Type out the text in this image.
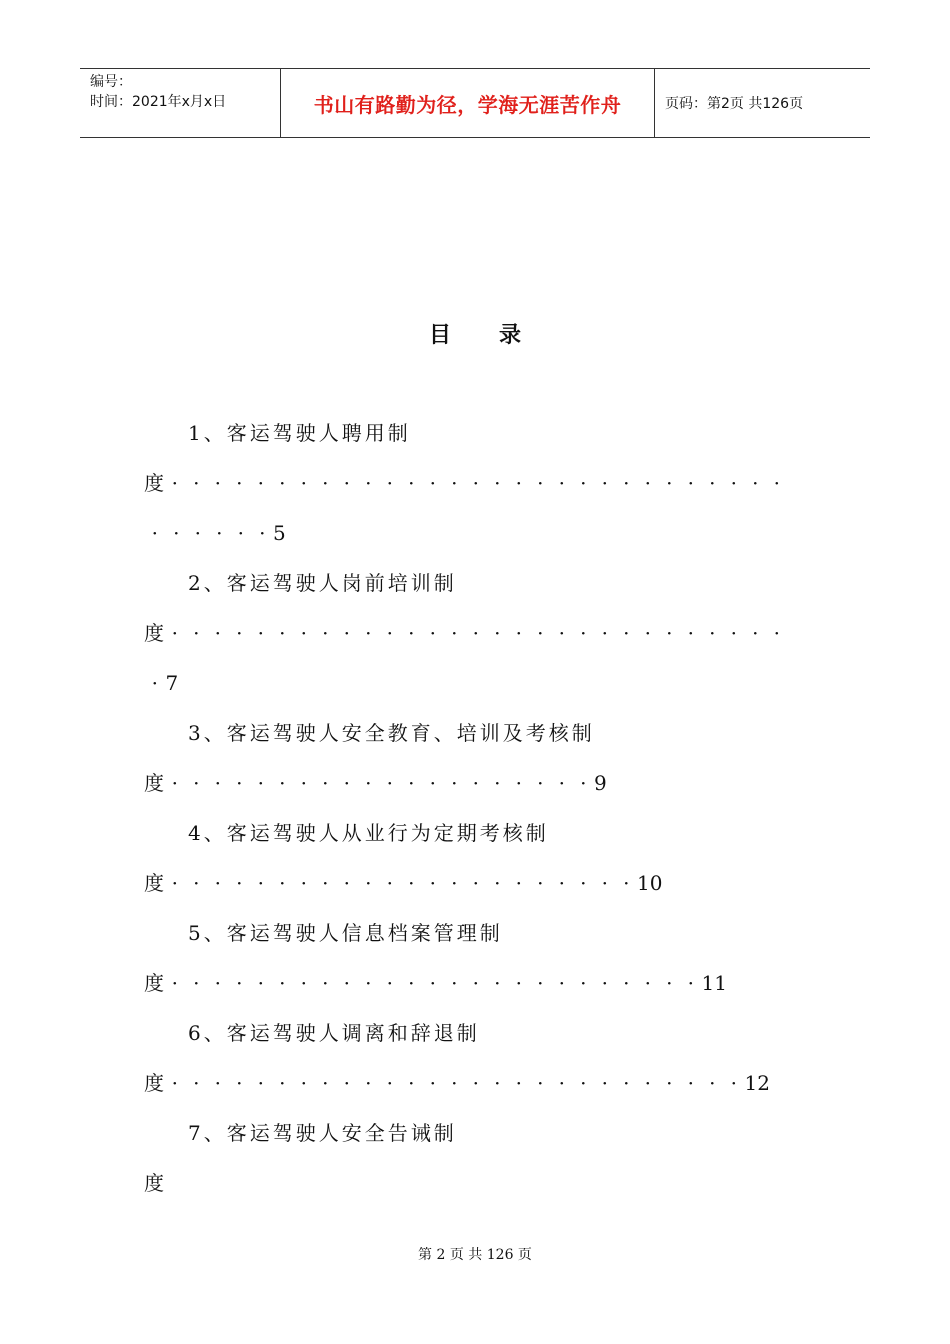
编号：
时间：2021年x月x日	书山有路勤为径，学海无涯苦作舟	页码：第2页 共126页
目 录
1、客运驾驶人聘用制
度 · · · · · · · · · · · · · · · · · · · · · · · · · · · · ·
· · · · · · 5
2、客运驾驶人岗前培训制
度 · · · · · · · · · · · · · · · · · · · · · · · · · · · · ·
· 7
3、客运驾驶人安全教育、培训及考核制
度 · · · · · · · · · · · · · · · · · · · · 9
4、客运驾驶人从业行为定期考核制
度 · · · · · · · · · · · · · · · · · · · · · · 10
5、客运驾驶人信息档案管理制
度 · · · · · · · · · · · · · · · · · · · · · · · · · 11
6、客运驾驶人调离和辞退制
度 · · · · · · · · · · · · · · · · · · · · · · · · · · · 12
7、客运驾驶人安全告诫制
度
第 2 页 共 126 页
